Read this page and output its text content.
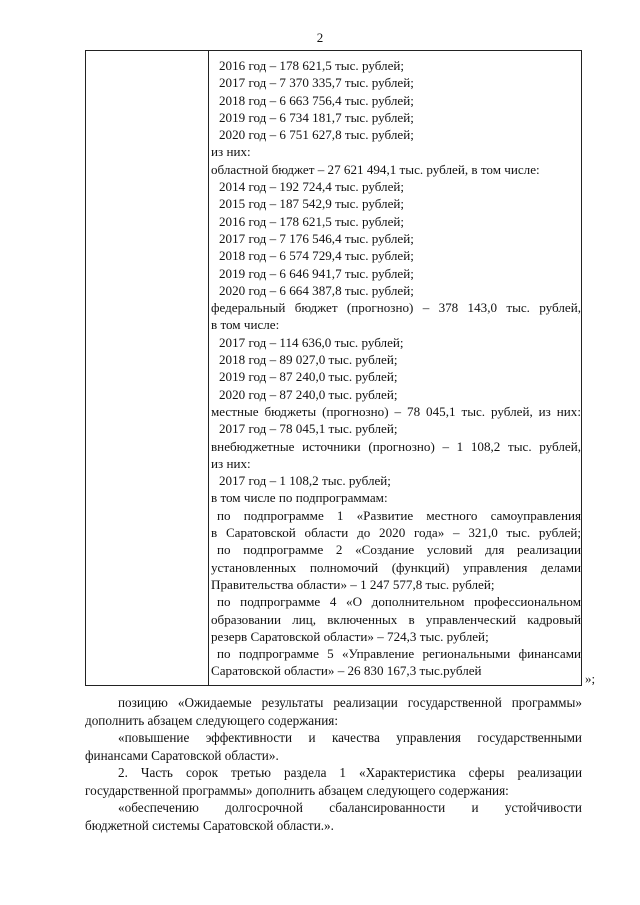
2
2016 год – 178 621,5 тыс. рублей;
2017 год – 7 370 335,7 тыс. рублей;
2018 год – 6 663 756,4 тыс. рублей;
2019 год – 6 734 181,7 тыс. рублей;
2020 год – 6 751 627,8 тыс. рублей;
из них:
областной бюджет – 27 621 494,1 тыс. рублей, в том числе:
2014 год – 192 724,4 тыс. рублей;
2015 год – 187 542,9 тыс. рублей;
2016 год – 178 621,5 тыс. рублей;
2017 год – 7 176 546,4 тыс. рублей;
2018 год – 6 574 729,4 тыс. рублей;
2019 год – 6 646 941,7 тыс. рублей;
2020 год – 6 664 387,8 тыс. рублей;
федеральный бюджет (прогнозно) – 378 143,0 тыс. рублей,
в том числе:
2017 год – 114 636,0 тыс. рублей;
2018 год – 89 027,0 тыс. рублей;
2019 год – 87 240,0 тыс. рублей;
2020 год – 87 240,0 тыс. рублей;
местные бюджеты (прогнозно) – 78 045,1 тыс. рублей, из них:
2017 год – 78 045,1 тыс. рублей;
внебюджетные источники (прогнозно) – 1 108,2 тыс. рублей,
из них:
2017 год – 1 108,2 тыс. рублей;
в том числе по подпрограммам:
по подпрограмме 1 «Развитие местного самоуправления
в Саратовской области до 2020 года» – 321,0 тыс. рублей;
по подпрограмме 2 «Создание условий для реализации
установленных полномочий (функций) управления делами
Правительства области» – 1 247 577,8 тыс. рублей;
по подпрограмме 4 «О дополнительном профессиональном
образовании лиц, включенных в управленческий кадровый
резерв Саратовской области» – 724,3 тыс. рублей;
по подпрограмме 5 «Управление региональными финансами
Саратовской области» – 26 830 167,3 тыс.рублей
»;

позицию «Ожидаемые результаты реализации государственной программы»

дополнить абзацем следующего содержания:

«повышение эффективности и качества управления государственными

финансами Саратовской области».

2. Часть сорок третью раздела 1 «Характеристика сферы реализации

государственной программы» дополнить абзацем следующего содержания:

«обеспечению долгосрочной сбалансированности и устойчивости

бюджетной системы Саратовской области.».
